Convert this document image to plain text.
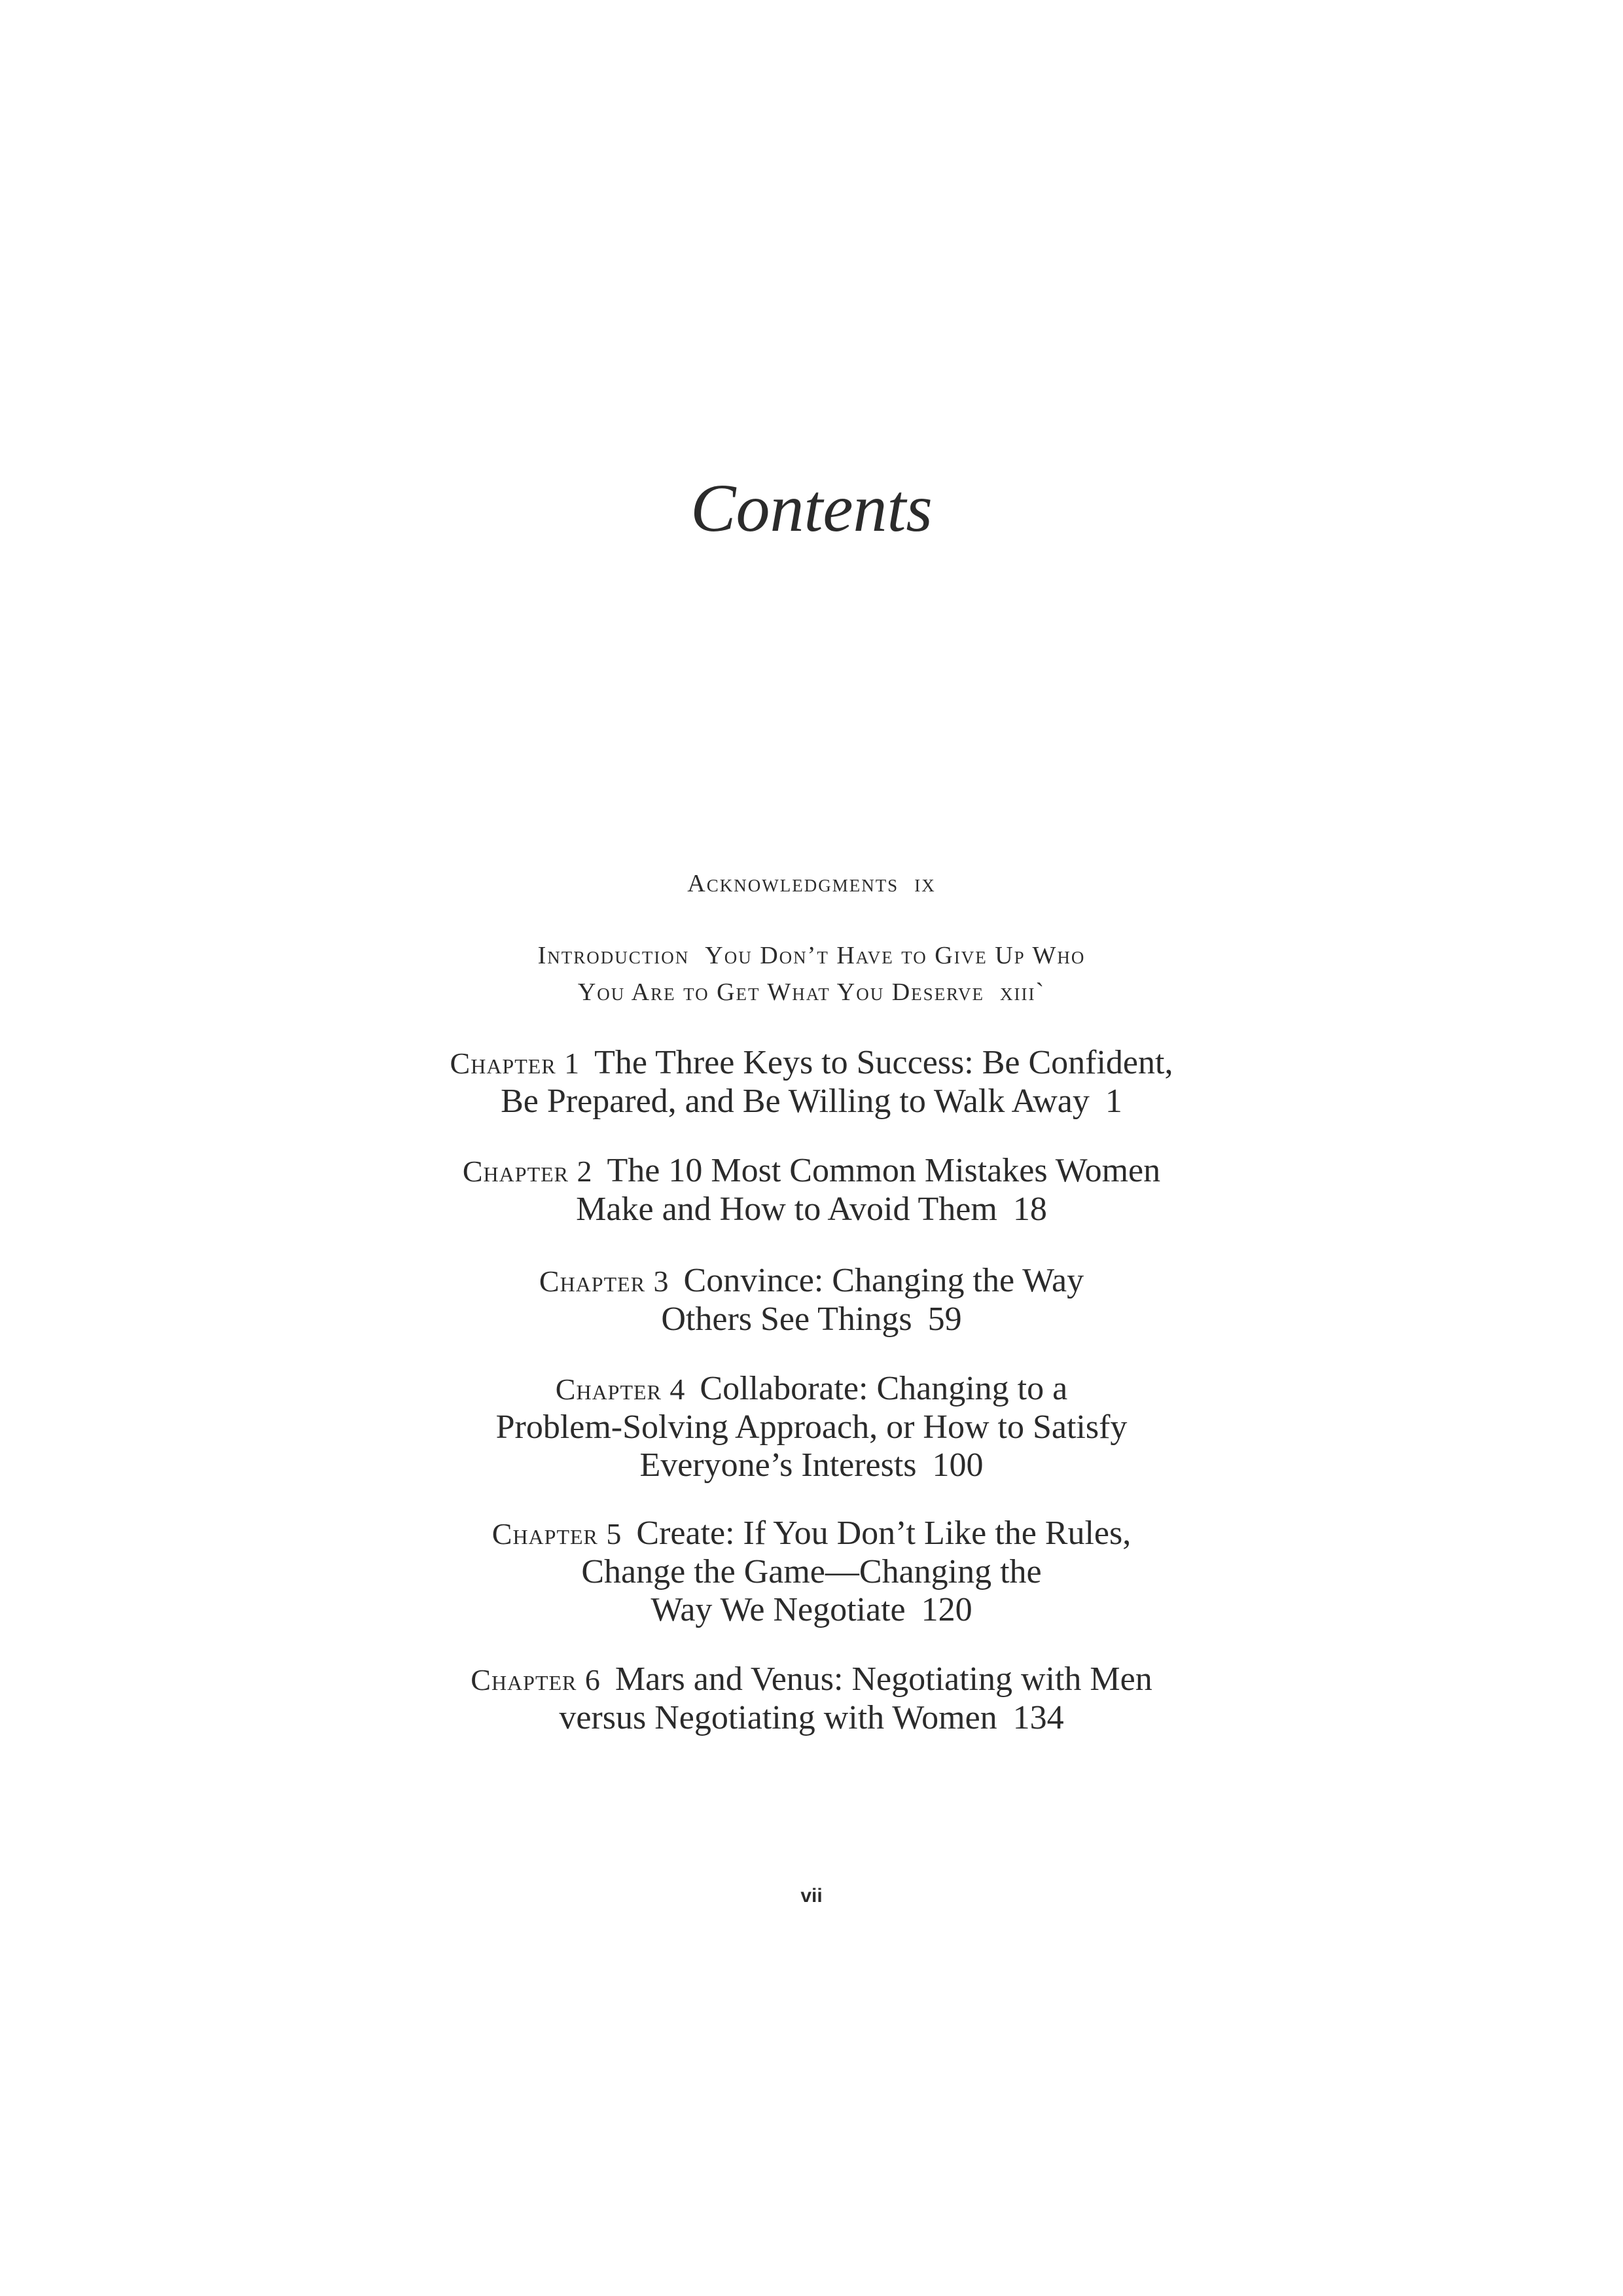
Contents
Acknowledgments ix
Introduction You Don’t Have to Give Up Who
You Are to Get What You Deserve xiii`
Chapter 1 The Three Keys to Success: Be Confident,
Be Prepared, and Be Willing to Walk Away 1
Chapter 2 The 10 Most Common Mistakes Women
Make and How to Avoid Them 18
Chapter 3 Convince: Changing the Way
Others See Things 59
Chapter 4 Collaborate: Changing to a
Problem-Solving Approach, or How to Satisfy
Everyone’s Interests 100
Chapter 5 Create: If You Don’t Like the Rules,
Change the Game—Changing the
Way We Negotiate 120
Chapter 6 Mars and Venus: Negotiating with Men
versus Negotiating with Women 134
vii
